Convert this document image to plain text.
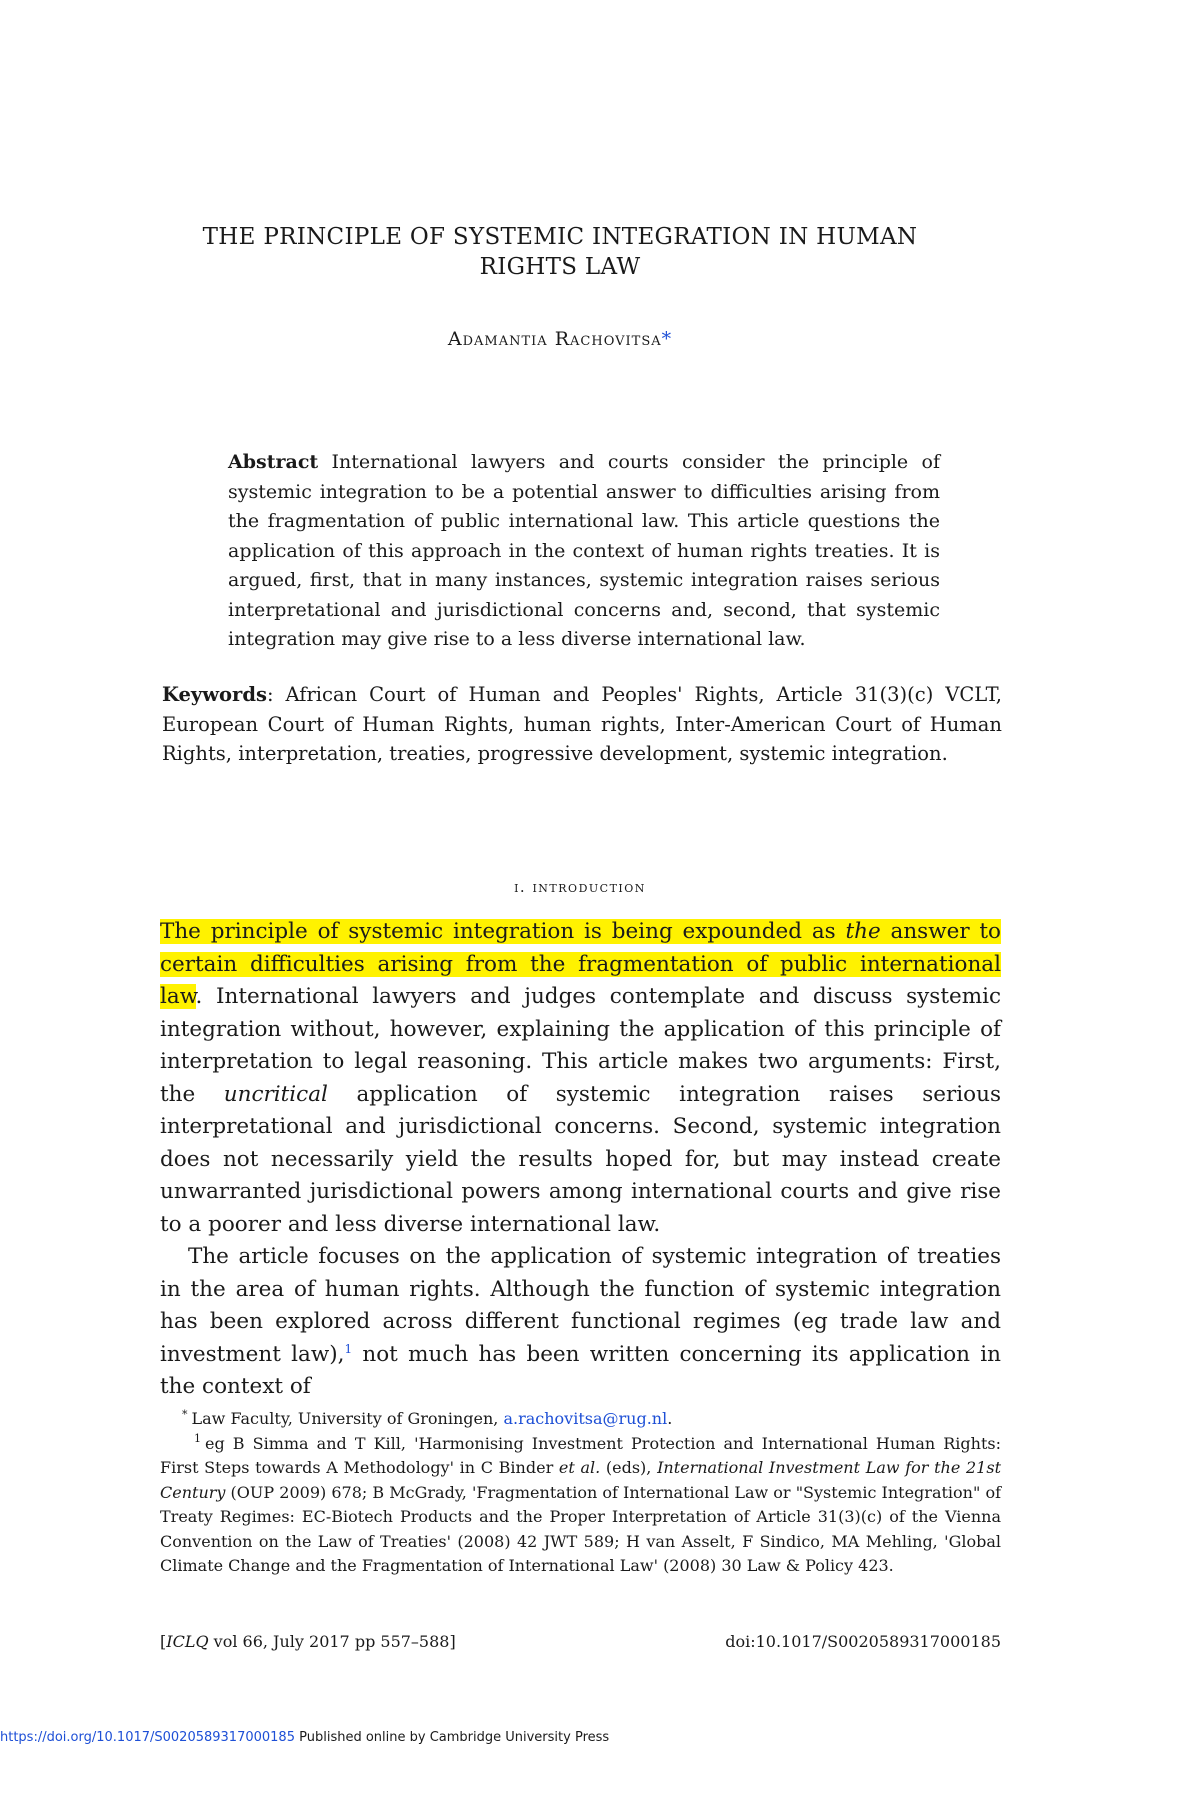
THE PRINCIPLE OF SYSTEMIC INTEGRATION IN HUMAN
RIGHTS LAW
Adamantia Rachovitsa*
Abstract International lawyers and courts consider the principle of systemic integration to be a potential answer to difficulties arising from the fragmentation of public international law. This article questions the application of this approach in the context of human rights treaties. It is argued, first, that in many instances, systemic integration raises serious interpretational and jurisdictional concerns and, second, that systemic integration may give rise to a less diverse international law.
Keywords: African Court of Human and Peoples' Rights, Article 31(3)(c) VCLT, European Court of Human Rights, human rights, Inter-American Court of Human Rights, interpretation, treaties, progressive development, systemic integration.
i. introduction

The principle of systemic integration is being expounded as the answer to certain difficulties arising from the fragmentation of public international law. International lawyers and judges contemplate and discuss systemic integration without, however, explaining the application of this principle of interpretation to legal reasoning. This article makes two arguments: First, the uncritical application of systemic integration raises serious interpretational and jurisdictional concerns. Second, systemic integration does not necessarily yield the results hoped for, but may instead create unwarranted jurisdictional powers among international courts and give rise to a poorer and less diverse international law.

The article focuses on the application of systemic integration of treaties in the area of human rights. Although the function of systemic integration has been explored across different functional regimes (eg trade law and investment law),$^1$ not much has been written concerning its application in the context of

* Law Faculty, University of Groningen, a.rachovitsa@rug.nl.

$^1$ eg B Simma and T Kill, 'Harmonising Investment Protection and International Human Rights: First Steps towards A Methodology' in C Binder et al. (eds), International Investment Law for the 21st Century (OUP 2009) 678; B McGrady, 'Fragmentation of International Law or "Systemic Integration" of Treaty Regimes: EC-Biotech Products and the Proper Interpretation of Article 31(3)(c) of the Vienna Convention on the Law of Treaties' (2008) 42 JWT 589; H van Asselt, F Sindico, MA Mehling, 'Global Climate Change and the Fragmentation of International Law' (2008) 30 Law & Policy 423.

[ICLQ vol 66, July 2017 pp 557–588]	doi:10.1017/S0020589317000185
https://doi.org/10.1017/S0020589317000185 Published online by Cambridge University Press
